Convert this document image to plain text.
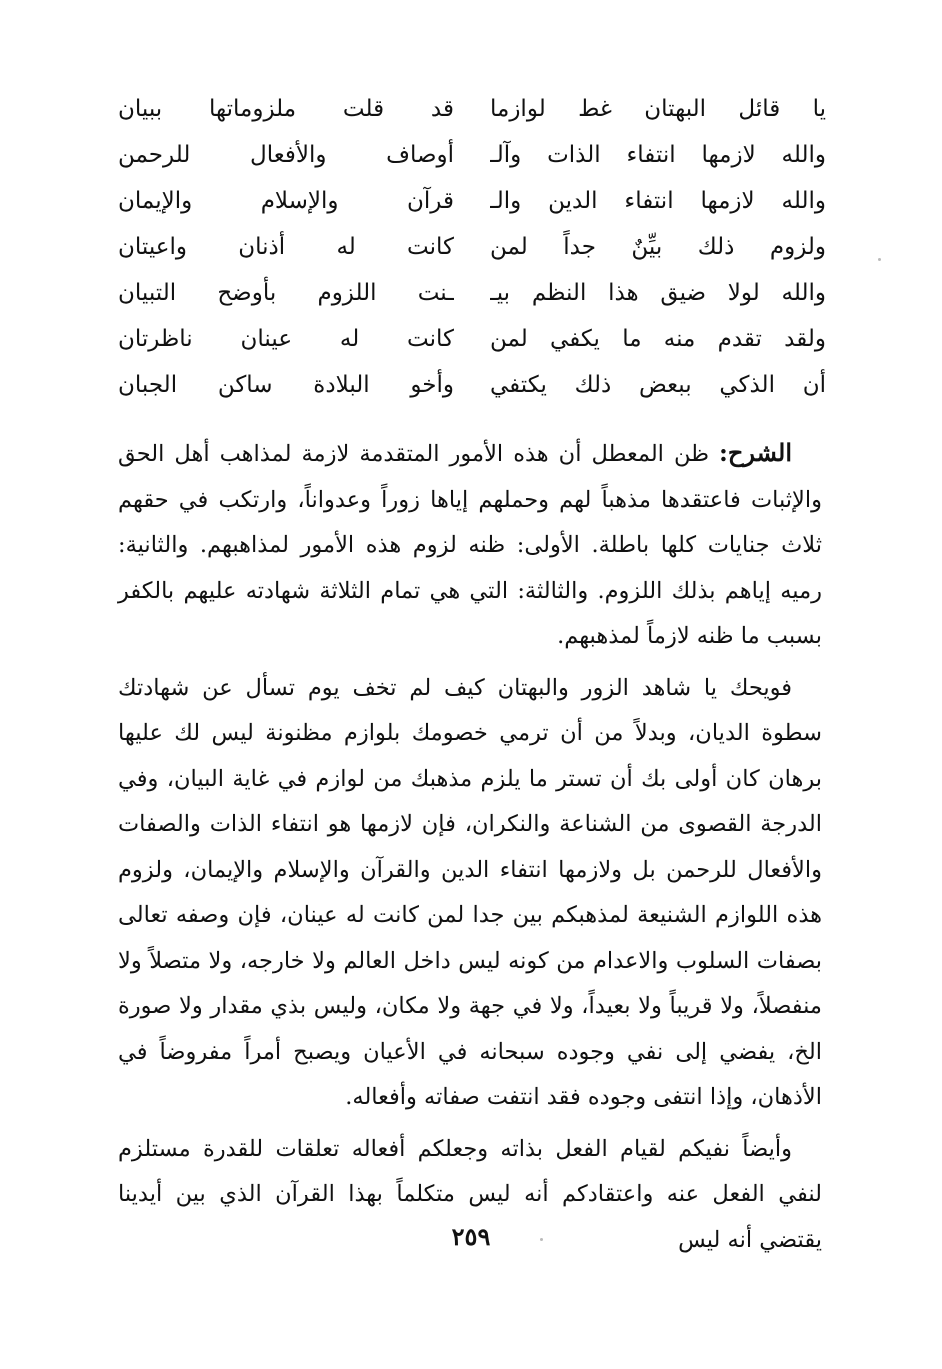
يا قائل البهتان غط لوازما
والله لازمها انتفاء الذات وآلـ
والله لازمها انتفاء الدين والـ
ولزوم ذلك بيِّنٌ جداً لمن
والله لولا ضيق هذا النظم بيـ
ولقد تقدم منه ما يكفي لمن
أن الذكي ببعض ذلك يكتفي
قد قلت ملزوماتها ببيان
أوصاف والأفعال للرحمن
قرآن والإسلام والإيمان
كانت له أذنان واعيتان
ـنت اللزوم بأوضح التبيان
كانت له عينان ناظرتان
وأخو البلادة ساكن الجبان

الشرح: ظن المعطل أن هذه الأمور المتقدمة لازمة لمذاهب أهل الحق والإثبات فاعتقدها مذهباً لهم وحملهم إياها زوراً وعدواناً، وارتكب في حقهم ثلاث جنايات كلها باطلة. الأولى: ظنه لزوم هذه الأمور لمذاهبهم. والثانية: رميه إياهم بذلك اللزوم. والثالثة: التي هي تمام الثلاثة شهادته عليهم بالكفر بسبب ما ظنه لازماً لمذهبهم.

فويحك يا شاهد الزور والبهتان كيف لم تخف يوم تسأل عن شهادتك سطوة الديان، وبدلاً من أن ترمي خصومك بلوازم مظنونة ليس لك عليها برهان كان أولى بك أن تستر ما يلزم مذهبك من لوازم في غاية البيان، وفي الدرجة القصوى من الشناعة والنكران، فإن لازمها هو انتفاء الذات والصفات والأفعال للرحمن بل ولازمها انتفاء الدين والقرآن والإسلام والإيمان، ولزوم هذه اللوازم الشنيعة لمذهبكم بين جدا لمن كانت له عينان، فإن وصفه تعالى بصفات السلوب والاعدام من كونه ليس داخل العالم ولا خارجه، ولا متصلاً ولا منفصلاً، ولا قريباً ولا بعيداً، ولا في جهة ولا مكان، وليس بذي مقدار ولا صورة الخ، يفضي إلى نفي وجوده سبحانه في الأعيان ويصبح أمراً مفروضاً في الأذهان، وإذا انتفى وجوده فقد انتفت صفاته وأفعاله.

وأيضاً نفيكم لقيام الفعل بذاته وجعلكم أفعاله تعلقات للقدرة مستلزم لنفي الفعل عنه واعتقادكم أنه ليس متكلماً بهذا القرآن الذي بين أيدينا يقتضي أنه ليس

٢٥٩
